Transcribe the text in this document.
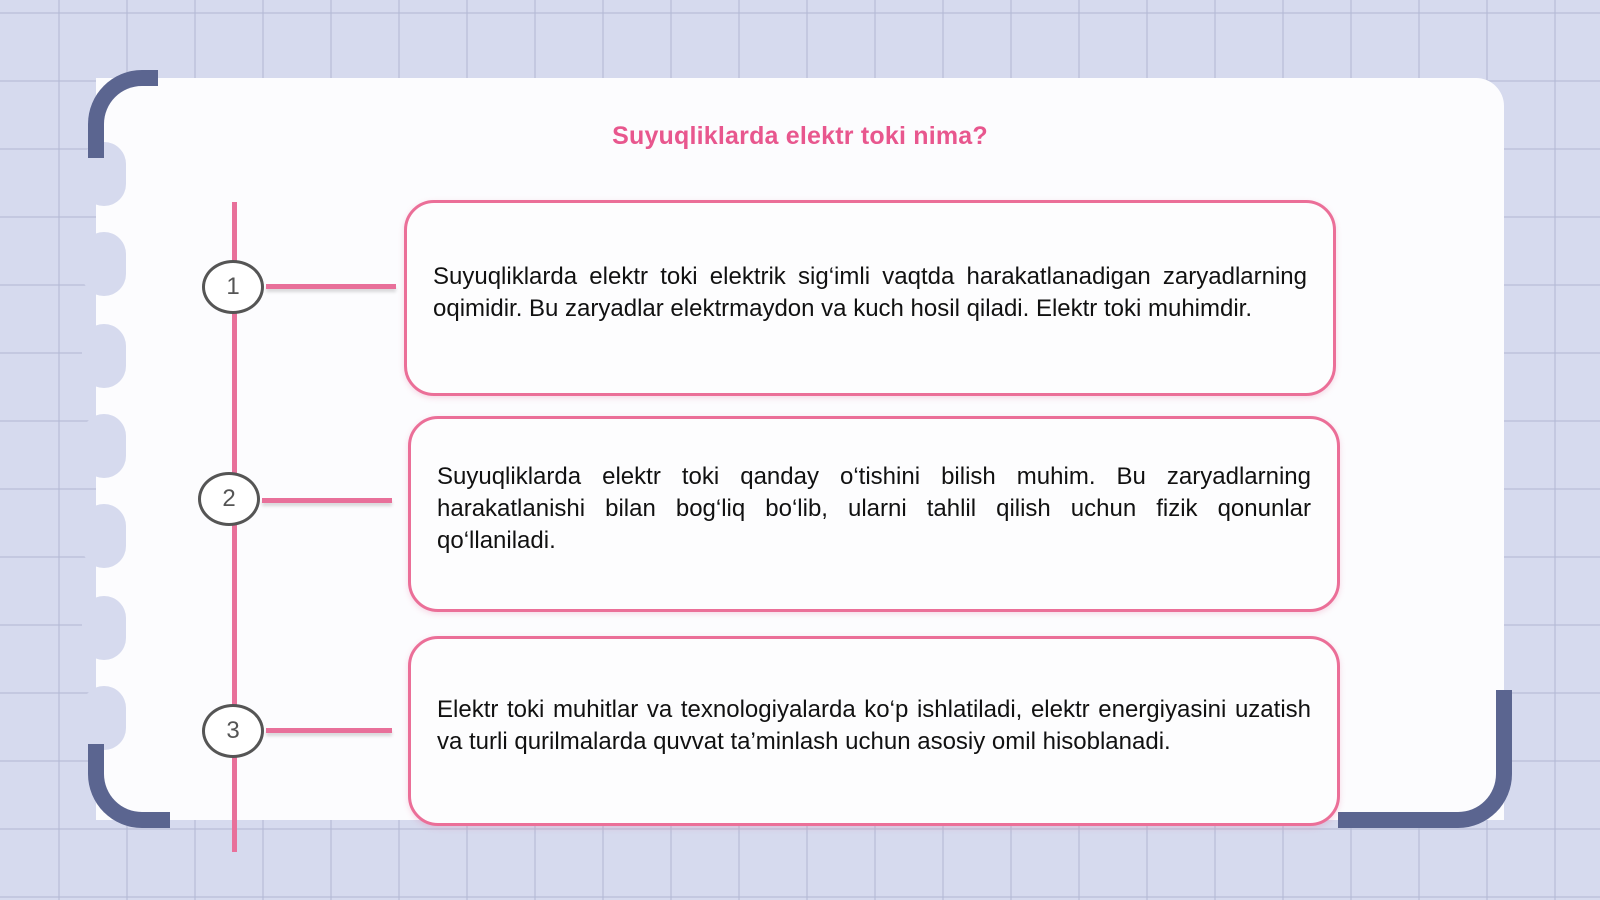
Suyuqliklarda elektr toki nima?
1	Suyuqliklarda elektr toki elektrik sig‘imli vaqtda harakatlanadigan zaryadlarning oqimidir. Bu zaryadlar elektrmaydon va kuch hosil qiladi. Elektr toki muhimdir.

2

Suyuqliklarda elektr toki qanday o‘tishini bilish muhim. Bu zaryadlarning harakatlanishi bilan bog‘liq bo‘lib, ularni tahlil qilish uchun fizik qonunlar qo‘llaniladi.

3

Elektr toki muhitlar va texnologiyalarda ko‘p ishlatiladi, elektr energiyasini uzatish va turli qurilmalarda quvvat ta’minlash uchun asosiy omil hisoblanadi.
